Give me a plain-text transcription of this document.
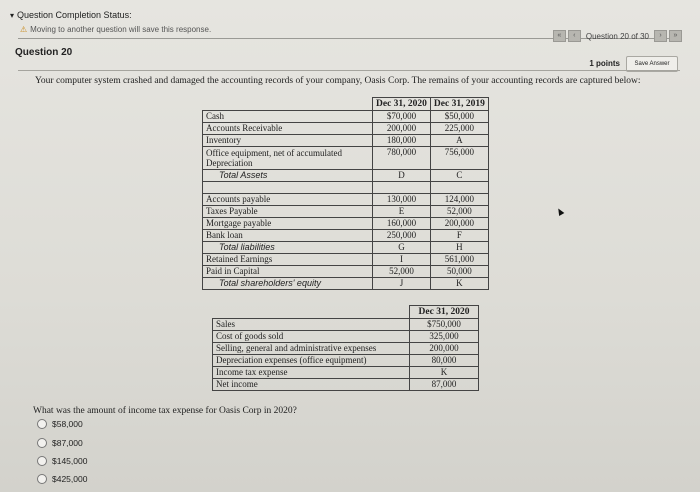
▾ Question Completion Status:
⚠ Moving to another question will save this response.
«	‹	Question 20 of 30	›	»
Question 20
1 points	Save Answer
Your computer system crashed and damaged the accounting records of your company, Oasis Corp. The remains of your accounting records are captured below:
	Dec 31, 2020	Dec 31, 2019
Cash	$70,000	$50,000
Accounts Receivable	200,000	225,000
Inventory	180,000	A
Office equipment, net of accumulated Depreciation	780,000	756,000
Total Assets	D	C

Accounts payable	130,000	124,000
Taxes Payable	E	52,000
Mortgage payable	160,000	200,000
Bank loan	250,000	F
Total liabilities	G	H
Retained Earnings	I	561,000
Paid in Capital	52,000	50,000
Total shareholders' equity	J	K
	Dec 31, 2020
Sales	$750,000
Cost of goods sold	325,000
Selling, general and administrative expenses	200,000
Depreciation expenses (office equipment)	80,000
Income tax expense	K
Net income	87,000
What was the amount of income tax expense for Oasis Corp in 2020?
$58,000
$87,000
$145,000
$425,000
